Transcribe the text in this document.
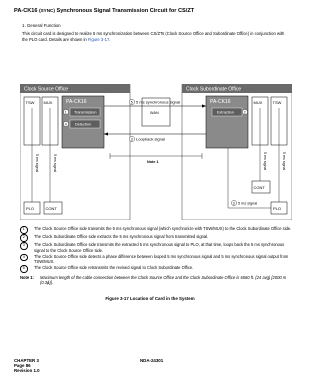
PA-CK16 (SYNC) Synchronous Signal Transmission Circuit for CS/ZT
1. General Function
This circuit card is designed to realize 5 ms synchronization between CS/ZTs (Clock Source Office and Subordinate Office) in conjunction with the PLO card. Details are shown in Figure 3-17.
Clock Source Office	Clock Subordinate Office
TSW MUX	PA-CK16
Transmission
Detection
1
4
PA-CK16
Extraction	2
MUX	TSW
WAN
5 5 ms synchronous signal
3 Loopback signal
Note 1
5 ms signal	5 ms signal
PLO	CONT
5 ms signal	5 ms signal
CONT
3 5 ms signal
PLO
1	The Clock Source Office side transmits the 5 ms synchronous signal (which synchronize with TSW/MUX) to the Clock Subordinate Office side.
2	The Clock Subordinate Office side extracts the 5 ms synchronous signal from transmitted signal.
3	The Clock Subordinate Office side transmits the extracted 5 ms synchronous signal to PLO, at that time, loops back the 5 ms synchronous signal to the Clock Source Office side.
4	The Clock Source Office side detects a phase difference between looped 5 ms synchronous signal and 5 ms synchronous signal output from TSW/MUX.
5	The Clock Source Office side retransmits the revised signal to Clock Subordinate Office.
Note 1:	Maximum length of the cable connection between the Clock Source Office and the Clock Subordinate Office is 6560 ft. (24 avg) [2000 m (0.3ϕ)].
Figure 3-17 Location of Card in the System
CHAPTER 3
Page 86
Revision 1.0
NDA-24301
